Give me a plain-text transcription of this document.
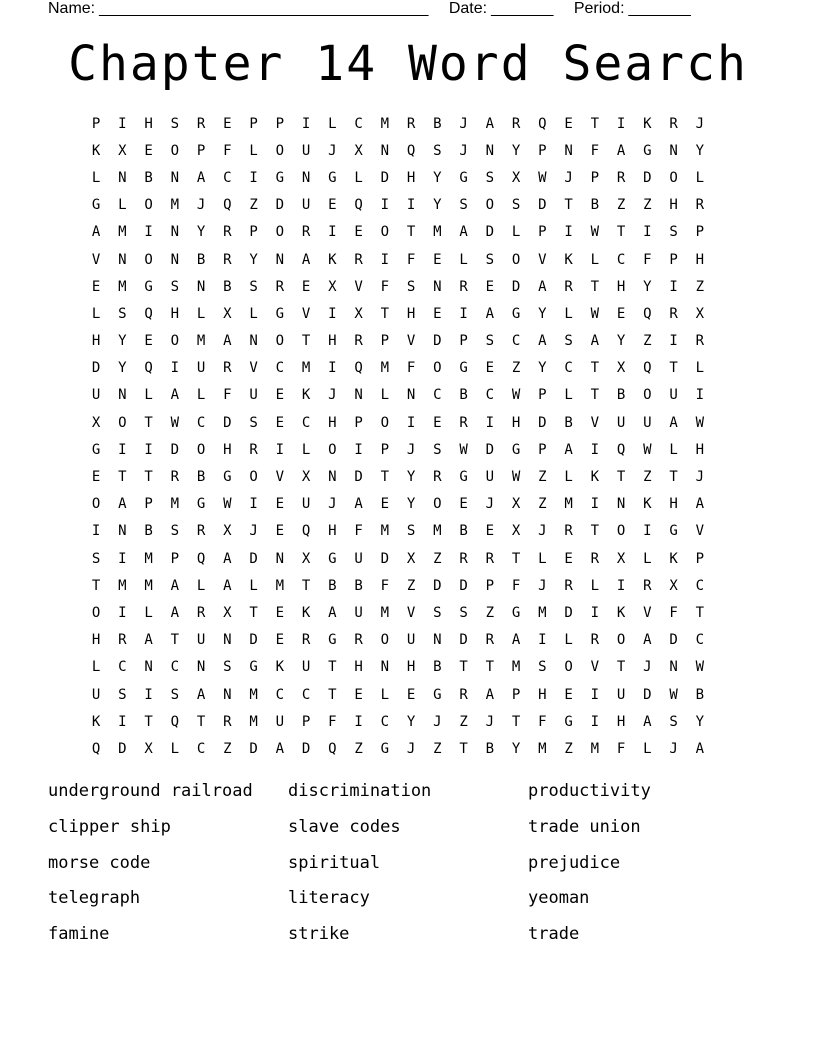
Name: _____________________________________ Date: _______ Period: _______
Chapter 14 Word Search
P	I	H	S	R	E	P	P	I	L	C	M	R	B	J	A	R	Q	E	T	I	K	R	J
K	X	E	O	P	F	L	O	U	J	X	N	Q	S	J	N	Y	P	N	F	A	G	N	Y
L	N	B	N	A	C	I	G	N	G	L	D	H	Y	G	S	X	W	J	P	R	D	O	L
G	L	O	M	J	Q	Z	D	U	E	Q	I	I	Y	S	O	S	D	T	B	Z	Z	H	R
A	M	I	N	Y	R	P	O	R	I	E	O	T	M	A	D	L	P	I	W	T	I	S	P
V	N	O	N	B	R	Y	N	A	K	R	I	F	E	L	S	O	V	K	L	C	F	P	H
E	M	G	S	N	B	S	R	E	X	V	F	S	N	R	E	D	A	R	T	H	Y	I	Z
L	S	Q	H	L	X	L	G	V	I	X	T	H	E	I	A	G	Y	L	W	E	Q	R	X
H	Y	E	O	M	A	N	O	T	H	R	P	V	D	P	S	C	A	S	A	Y	Z	I	R
D	Y	Q	I	U	R	V	C	M	I	Q	M	F	O	G	E	Z	Y	C	T	X	Q	T	L
U	N	L	A	L	F	U	E	K	J	N	L	N	C	B	C	W	P	L	T	B	O	U	I
X	O	T	W	C	D	S	E	C	H	P	O	I	E	R	I	H	D	B	V	U	U	A	W
G	I	I	D	O	H	R	I	L	O	I	P	J	S	W	D	G	P	A	I	Q	W	L	H
E	T	T	R	B	G	O	V	X	N	D	T	Y	R	G	U	W	Z	L	K	T	Z	T	J
O	A	P	M	G	W	I	E	U	J	A	E	Y	O	E	J	X	Z	M	I	N	K	H	A
I	N	B	S	R	X	J	E	Q	H	F	M	S	M	B	E	X	J	R	T	O	I	G	V
S	I	M	P	Q	A	D	N	X	G	U	D	X	Z	R	R	T	L	E	R	X	L	K	P
T	M	M	A	L	A	L	M	T	B	B	F	Z	D	D	P	F	J	R	L	I	R	X	C
O	I	L	A	R	X	T	E	K	A	U	M	V	S	S	Z	G	M	D	I	K	V	F	T
H	R	A	T	U	N	D	E	R	G	R	O	U	N	D	R	A	I	L	R	O	A	D	C
L	C	N	C	N	S	G	K	U	T	H	N	H	B	T	T	M	S	O	V	T	J	N	W
U	S	I	S	A	N	M	C	C	T	E	L	E	G	R	A	P	H	E	I	U	D	W	B
K	I	T	Q	T	R	M	U	P	F	I	C	Y	J	Z	J	T	F	G	I	H	A	S	Y
Q	D	X	L	C	Z	D	A	D	Q	Z	G	J	Z	T	B	Y	M	Z	M	F	L	J	A
underground railroad
clipper ship
morse code
telegraph
famine
discrimination
slave codes
spiritual
literacy
strike
productivity
trade union
prejudice
yeoman
trade
